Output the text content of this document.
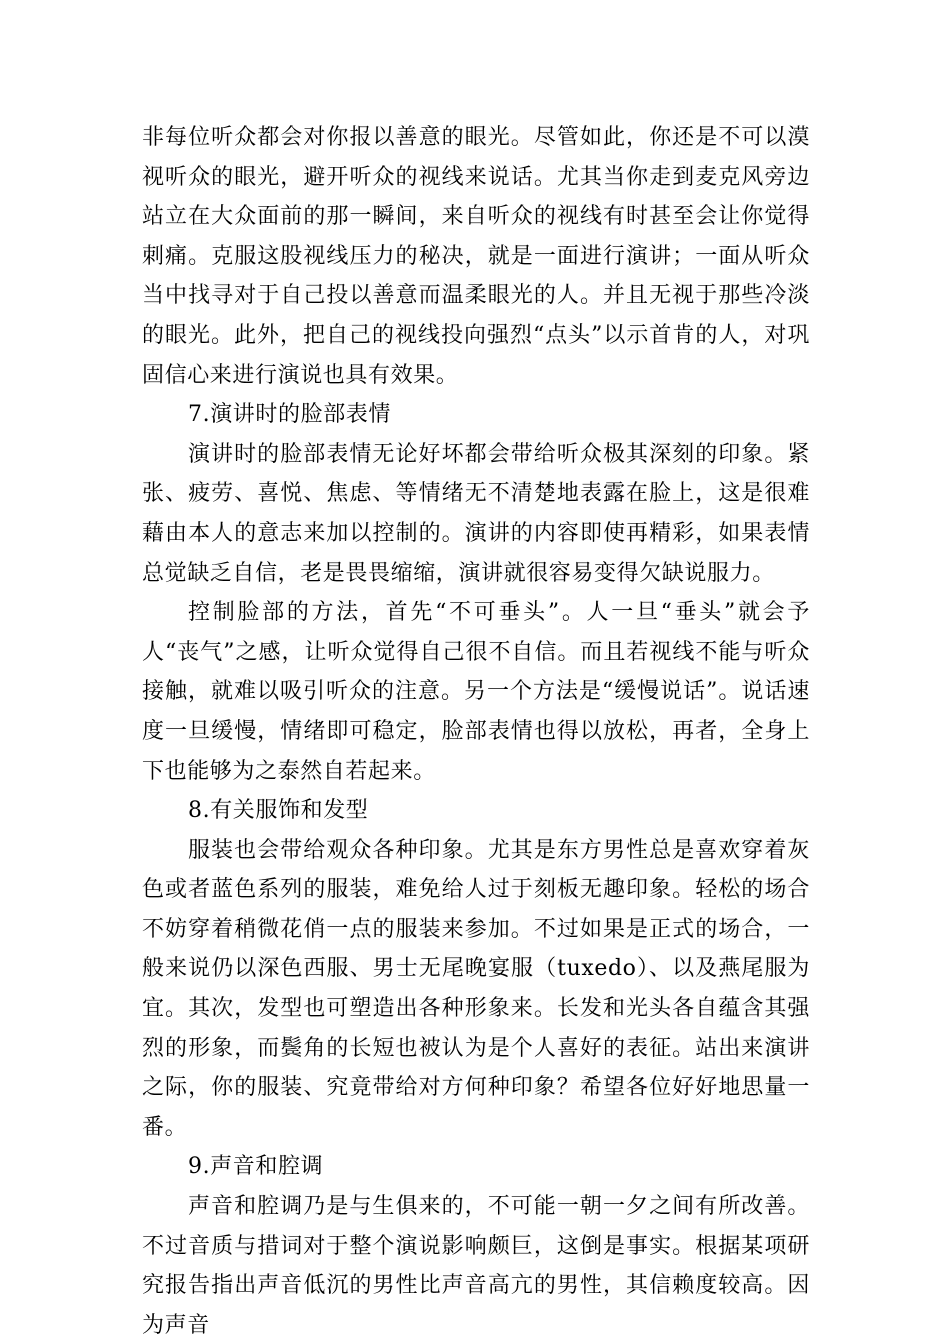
非每位听众都会对你报以善意的眼光。尽管如此，你还是不可以漠视听众的眼光，避开听众的视线来说话。尤其当你走到麦克风旁边站立在大众面前的那一瞬间，来自听众的视线有时甚至会让你觉得刺痛。克服这股视线压力的秘决，就是一面进行演讲；一面从听众当中找寻对于自己投以善意而温柔眼光的人。并且无视于那些冷淡的眼光。此外，把自己的视线投向强烈“点头”以示首肯的人，对巩固信心来进行演说也具有效果。

7.演讲时的脸部表情

演讲时的脸部表情无论好坏都会带给听众极其深刻的印象。紧张、疲劳、喜悦、焦虑、等情绪无不清楚地表露在脸上，这是很难藉由本人的意志来加以控制的。演讲的内容即使再精彩，如果表情总觉缺乏自信，老是畏畏缩缩，演讲就很容易变得欠缺说服力。

控制脸部的方法，首先“不可垂头”。人一旦“垂头”就会予人“丧气”之感，让听众觉得自己很不自信。而且若视线不能与听众接触，就难以吸引听众的注意。另一个方法是“缓慢说话”。说话速度一旦缓慢，情绪即可稳定，脸部表情也得以放松，再者，全身上下也能够为之泰然自若起来。

8.有关服饰和发型

服装也会带给观众各种印象。尤其是东方男性总是喜欢穿着灰色或者蓝色系列的服装，难免给人过于刻板无趣印象。轻松的场合不妨穿着稍微花俏一点的服装来参加。不过如果是正式的场合，一般来说仍以深色西服、男士无尾晚宴服（tuxedo）、以及燕尾服为宜。其次，发型也可塑造出各种形象来。长发和光头各自蕴含其强烈的形象，而鬓角的长短也被认为是个人喜好的表征。站出来演讲之际，你的服装、究竟带给对方何种印象？希望各位好好地思量一番。

9.声音和腔调

声音和腔调乃是与生俱来的，不可能一朝一夕之间有所改善。不过音质与措词对于整个演说影响颇巨，这倒是事实。根据某项研究报告指出声音低沉的男性比声音高亢的男性，其信赖度较高。因为声音
